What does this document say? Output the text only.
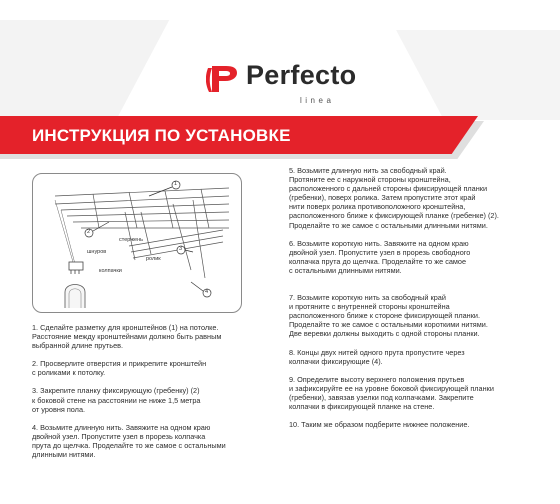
Perfecto
linea
ИНСТРУКЦИЯ ПО УСТАНОВКЕ
1
2
3
4
стержень
шнуров
ролик
колпачки

1. Сделайте разметку для кронштейнов (1) на потолке.
Расстояние между кронштейнами должно быть равным
выбранной длине прутьев.

2. Просверлите отверстия и прикрепите кронштейн
с роликами к потолку.

3. Закрепите планку фиксирующую (гребенку) (2)
к боковой стене на расстоянии не ниже 1,5 метра
от уровня пола.

4. Возьмите длинную нить. Завяжите на одном краю
двойной узел. Пропустите узел в прорезь колпачка
прута до щелчка. Проделайте то же самое с остальными
длинными нитями.

5. Возьмите длинную нить за свободный край.
Протяните ее с наружной стороны кронштейна,
расположенного с дальней стороны фиксирующей планки
(гребенки), поверх ролика. Затем пропустите этот край
нити поверх ролика противоположного кронштейна,
расположенного ближе к фиксирующей планке (гребенке) (2).
Проделайте то же самое с остальными длинными нитями.

6. Возьмите короткую нить. Завяжите на одном краю
двойной узел. Пропустите узел в прорезь свободного
колпачка прута до щелчка. Проделайте то же самое
с остальными длинными нитями.

7. Возьмите короткую нить за свободный край
и протяните с внутренней стороны кронштейна
расположенного ближе к стороне фиксирующей планки.
Проделайте то же самое с остальными короткими нитями.
Две веревки должны выходить с одной стороны планки.

8. Концы двух нитей одного прута пропустите через
колпачки фиксирующие (4).

9. Определите высоту верхнего положения прутьев
и зафиксируйте ее на уровне боковой фиксирующей планки
(гребенки), завязав узелки под колпачками. Закрепите
колпачки в фиксирующей планке на стене.

10. Таким же образом подберите нижнее положение.
